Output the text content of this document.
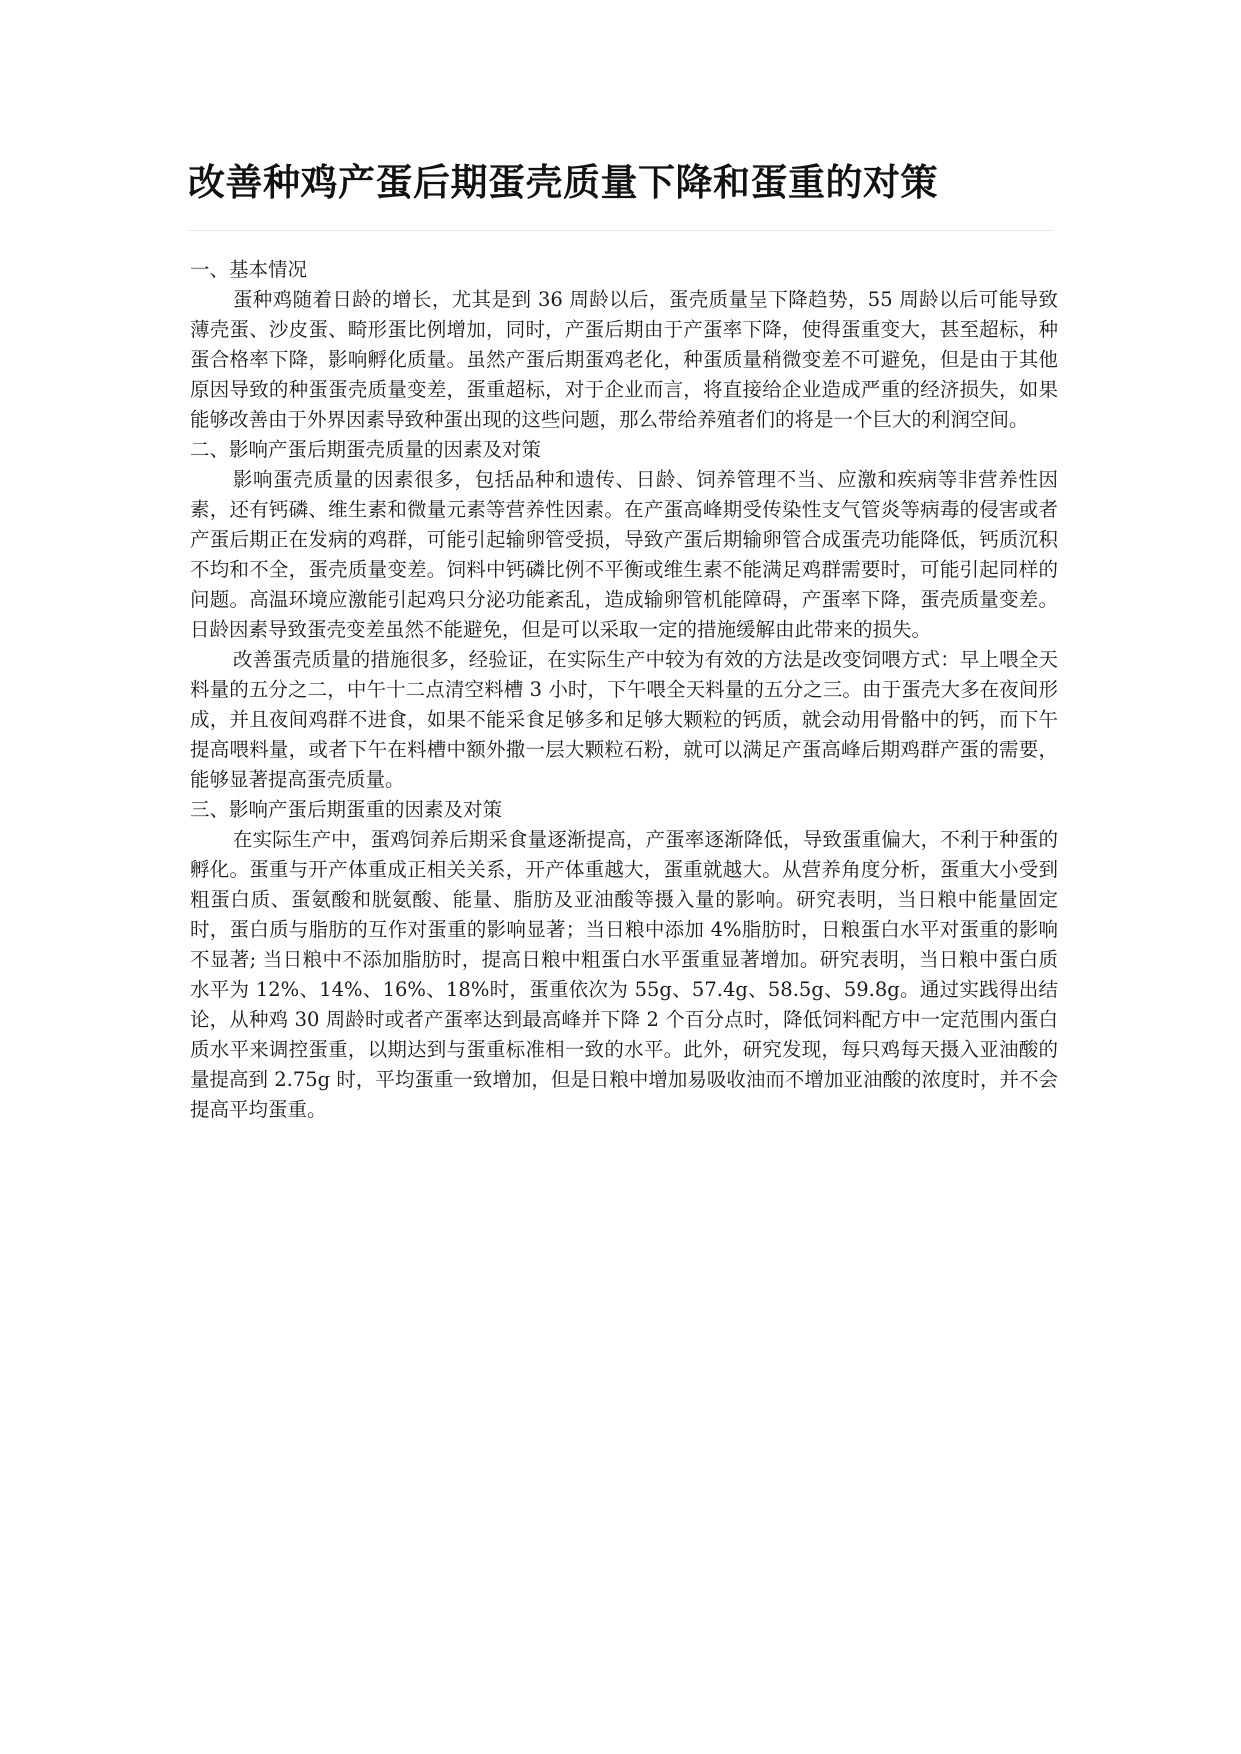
改善种鸡产蛋后期蛋壳质量下降和蛋重的对策
一、基本情况

蛋种鸡随着日龄的增长，尤其是到 36 周龄以后，蛋壳质量呈下降趋势，55 周龄以后可能导致薄壳蛋、沙皮蛋、畸形蛋比例增加，同时，产蛋后期由于产蛋率下降，使得蛋重变大，甚至超标，种蛋合格率下降，影响孵化质量。虽然产蛋后期蛋鸡老化，种蛋质量稍微变差不可避免，但是由于其他原因导致的种蛋蛋壳质量变差，蛋重超标，对于企业而言，将直接给企业造成严重的经济损失，如果能够改善由于外界因素导致种蛋出现的这些问题，那么带给养殖者们的将是一个巨大的利润空间。

二、影响产蛋后期蛋壳质量的因素及对策

影响蛋壳质量的因素很多，包括品种和遗传、日龄、饲养管理不当、应激和疾病等非营养性因素，还有钙磷、维生素和微量元素等营养性因素。在产蛋高峰期受传染性支气管炎等病毒的侵害或者产蛋后期正在发病的鸡群，可能引起输卵管受损，导致产蛋后期输卵管合成蛋壳功能降低，钙质沉积不均和不全，蛋壳质量变差。饲料中钙磷比例不平衡或维生素不能满足鸡群需要时，可能引起同样的问题。高温环境应激能引起鸡只分泌功能紊乱，造成输卵管机能障碍，产蛋率下降，蛋壳质量变差。日龄因素导致蛋壳变差虽然不能避免，但是可以采取一定的措施缓解由此带来的损失。

改善蛋壳质量的措施很多，经验证，在实际生产中较为有效的方法是改变饲喂方式：早上喂全天料量的五分之二，中午十二点清空料槽 3 小时，下午喂全天料量的五分之三。由于蛋壳大多在夜间形成，并且夜间鸡群不进食，如果不能采食足够多和足够大颗粒的钙质，就会动用骨骼中的钙，而下午提高喂料量，或者下午在料槽中额外撒一层大颗粒石粉，就可以满足产蛋高峰后期鸡群产蛋的需要，能够显著提高蛋壳质量。

三、影响产蛋后期蛋重的因素及对策

在实际生产中，蛋鸡饲养后期采食量逐渐提高，产蛋率逐渐降低，导致蛋重偏大，不利于种蛋的孵化。蛋重与开产体重成正相关关系，开产体重越大，蛋重就越大。从营养角度分析，蛋重大小受到粗蛋白质、蛋氨酸和胱氨酸、能量、脂肪及亚油酸等摄入量的影响。研究表明，当日粮中能量固定时，蛋白质与脂肪的互作对蛋重的影响显著；当日粮中添加 4%脂肪时，日粮蛋白水平对蛋重的影响不显著; 当日粮中不添加脂肪时，提高日粮中粗蛋白水平蛋重显著增加。研究表明，当日粮中蛋白质水平为 12%、14%、16%、18%时，蛋重依次为 55g、57.4g、58.5g、59.8g。通过实践得出结论，从种鸡 30 周龄时或者产蛋率达到最高峰并下降 2 个百分点时，降低饲料配方中一定范围内蛋白质水平来调控蛋重，以期达到与蛋重标准相一致的水平。此外，研究发现，每只鸡每天摄入亚油酸的量提高到 2.75g 时，平均蛋重一致增加，但是日粮中增加易吸收油而不增加亚油酸的浓度时，并不会提高平均蛋重。
